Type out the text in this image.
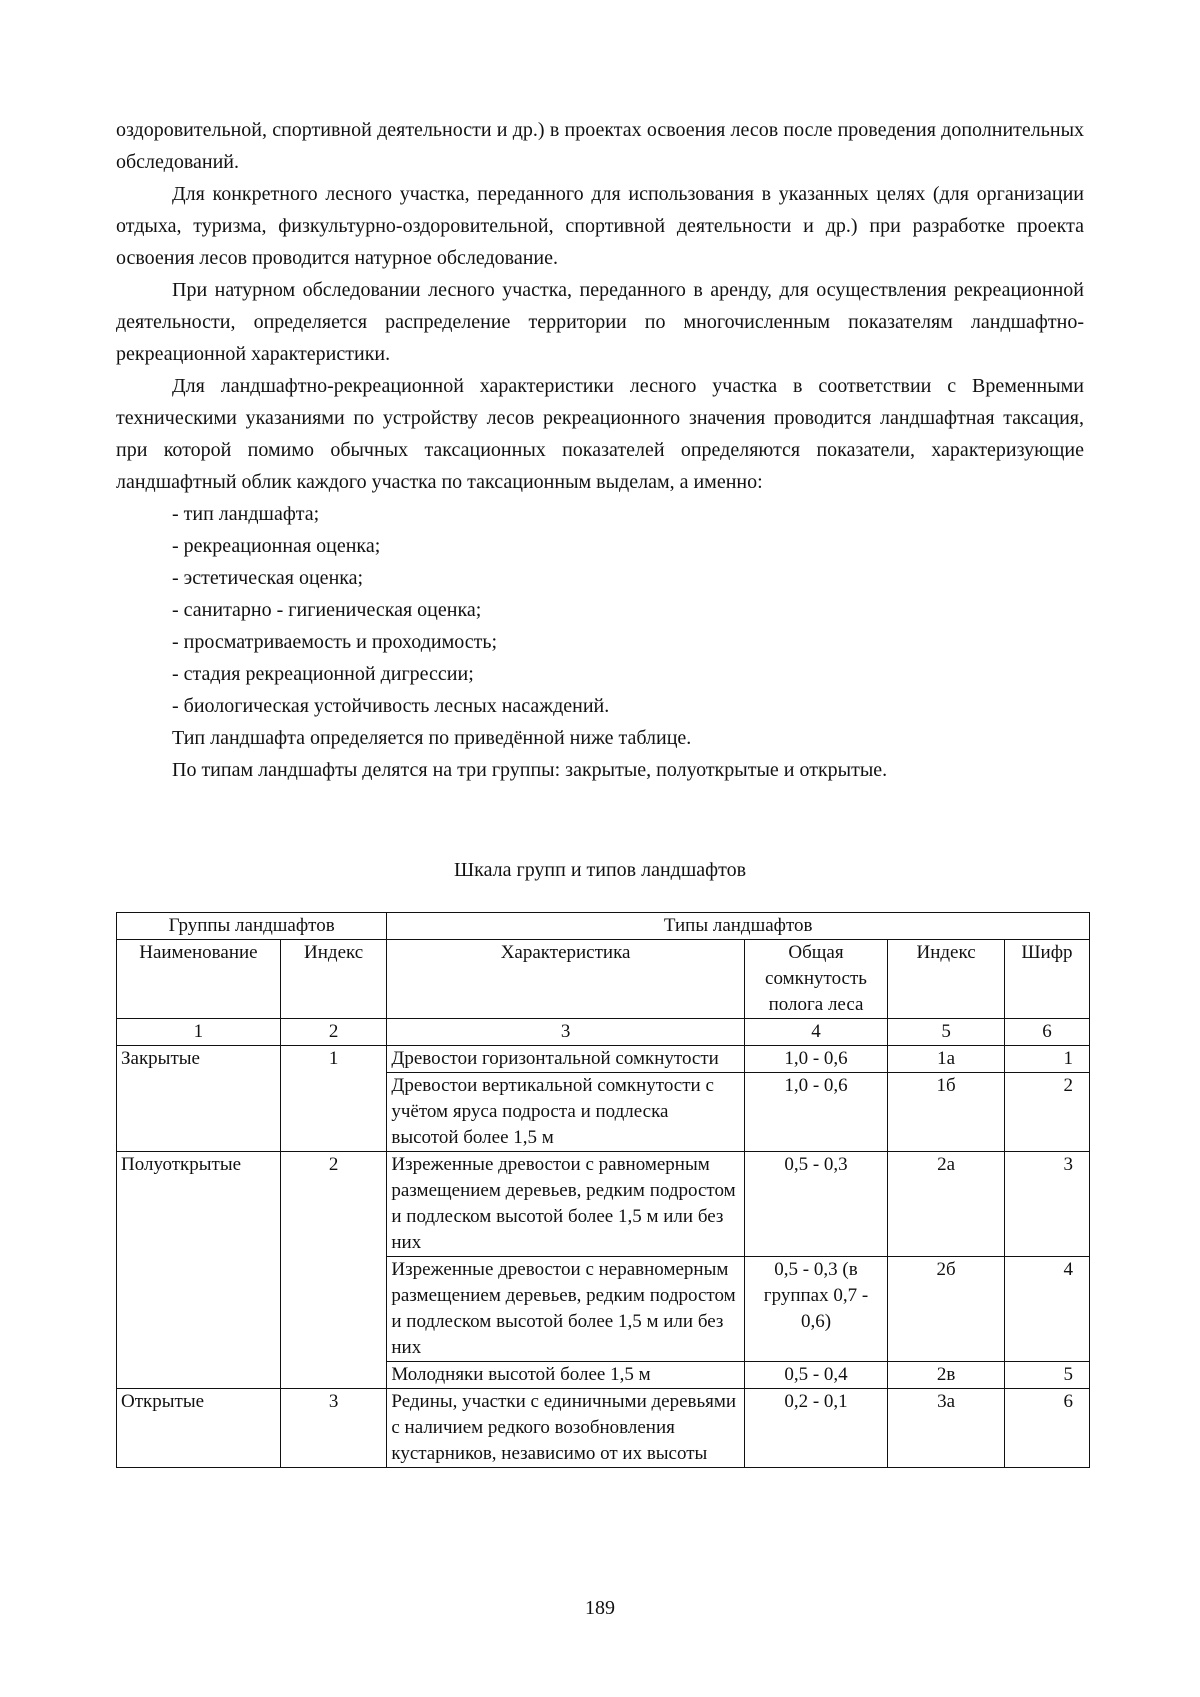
оздоровительной, спортивной деятельности и др.) в проектах освоения лесов после проведения дополнительных обследований.

Для конкретного лесного участка, переданного для использования в указанных целях (для организации отдыха, туризма, физкультурно-оздоровительной, спортивной деятельности и др.) при разработке проекта освоения лесов проводится натурное обследование.

При натурном обследовании лесного участка, переданного в аренду, для осуществления рекреационной деятельности, определяется распределение территории по многочисленным показателям ландшафтно-рекреационной характеристики.

Для ландшафтно-рекреационной характеристики лесного участка в соответствии с Временными техническими указаниями по устройству лесов рекреационного значения проводится ландшафтная таксация, при которой помимо обычных таксационных показателей определяются показатели, характеризующие ландшафтный облик каждого участка по таксационным выделам, а именно:

- тип ландшафта;

- рекреационная оценка;

- эстетическая оценка;

- санитарно - гигиеническая оценка;

- просматриваемость и проходимость;

- стадия рекреационной дигрессии;

- биологическая устойчивость лесных насаждений.

Тип ландшафта определяется по приведённой ниже таблице.

По типам ландшафты делятся на три группы: закрытые, полуоткрытые и открытые.

Шкала групп и типов ландшафтов
Группы ландшафтов		Типы ландшафтов			
Наименование	Индекс	Характеристика	Общая сомкнутость полога леса	Индекс	Шифр
1	2	3	4	5	6
Закрытые	1	Древостои горизонтальной сомкнутости	1,0 - 0,6	1а	1
		Древостои вертикальной сомкнутости с учётом яруса подроста и подлеска высотой более 1,5 м	1,0 - 0,6	1б	2
Полуоткрытые	2	Изреженные древостои с равномерным размещением деревьев, редким подростом и подлеском высотой более 1,5 м или без них	0,5 - 0,3	2а	3
		Изреженные древостои с неравномерным размещением деревьев, редким подростом и подлеском высотой более 1,5 м или без них	0,5 - 0,3 (в группах 0,7 - 0,6)	2б	4
		Молодняки высотой более 1,5 м	0,5 - 0,4	2в	5
Открытые	3	Редины, участки с единичными деревьями с наличием редкого возобновления кустарников, независимо от их высоты	0,2 - 0,1	3а	6
189
